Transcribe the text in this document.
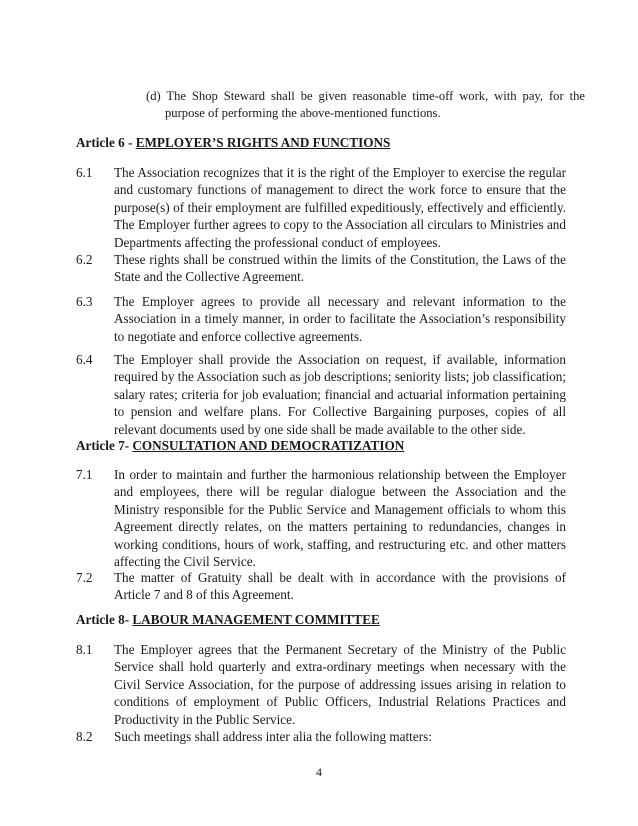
(d) The Shop Steward shall be given reasonable time-off work, with pay, for the purpose of performing the above-mentioned functions.
Article 6 - EMPLOYER’S RIGHTS AND FUNCTIONS
6.1	The Association recognizes that it is the right of the Employer to exercise the regular and customary functions of management to direct the work force to ensure that the purpose(s) of their employment are fulfilled expeditiously, effectively and efficiently. The Employer further agrees to copy to the Association all circulars to Ministries and Departments affecting the professional conduct of employees.
6.2	These rights shall be construed within the limits of the Constitution, the Laws of the State and the Collective Agreement.
6.3	The Employer agrees to provide all necessary and relevant information to the Association in a timely manner, in order to facilitate the Association’s responsibility to negotiate and enforce collective agreements.
6.4	The Employer shall provide the Association on request, if available, information required by the Association such as job descriptions; seniority lists; job classification; salary rates; criteria for job evaluation; financial and actuarial information pertaining to pension and welfare plans. For Collective Bargaining purposes, copies of all relevant documents used by one side shall be made available to the other side.
Article 7- CONSULTATION AND DEMOCRATIZATION
7.1	In order to maintain and further the harmonious relationship between the Employer and employees, there will be regular dialogue between the Association and the Ministry responsible for the Public Service and Management officials to whom this Agreement directly relates, on the matters pertaining to redundancies, changes in working conditions, hours of work, staffing, and restructuring etc. and other matters affecting the Civil Service.
7.2	The matter of Gratuity shall be dealt with in accordance with the provisions of Article 7 and 8 of this Agreement.
Article 8- LABOUR MANAGEMENT COMMITTEE
8.1	The Employer agrees that the Permanent Secretary of the Ministry of the Public Service shall hold quarterly and extra-ordinary meetings when necessary with the Civil Service Association, for the purpose of addressing issues arising in relation to conditions of employment of Public Officers, Industrial Relations Practices and Productivity in the Public Service.
8.2	Such meetings shall address inter alia the following matters:
4
